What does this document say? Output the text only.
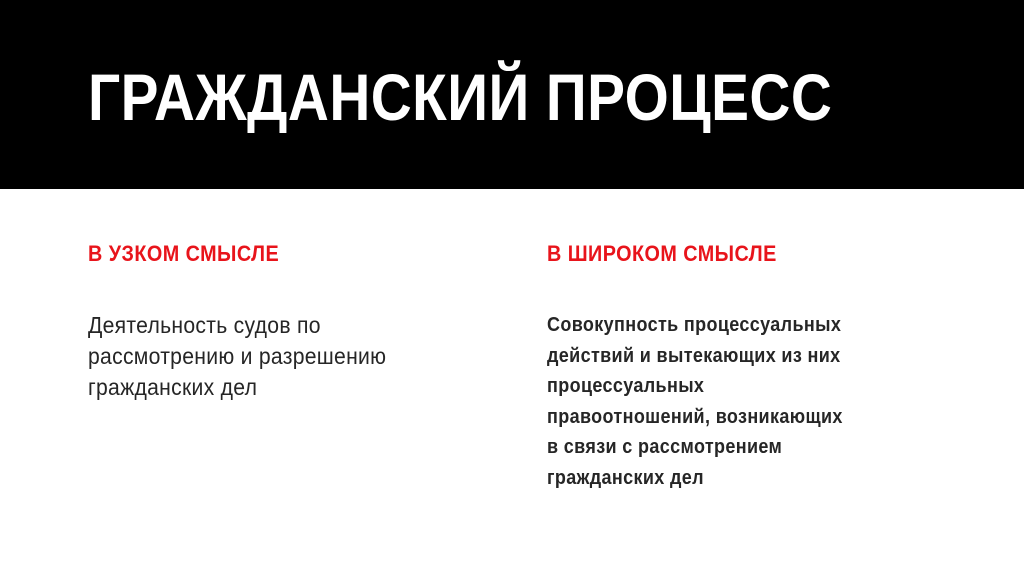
ГРАЖДАНСКИЙ ПРОЦЕСС
В УЗКОМ СМЫСЛЕ
Деятельность судов по
рассмотрению и разрешению
гражданских дел
В ШИРОКОМ СМЫСЛЕ
Совокупность процессуальных
действий и вытекающих из них
процессуальных
правоотношений, возникающих
в связи с рассмотрением
гражданских дел
